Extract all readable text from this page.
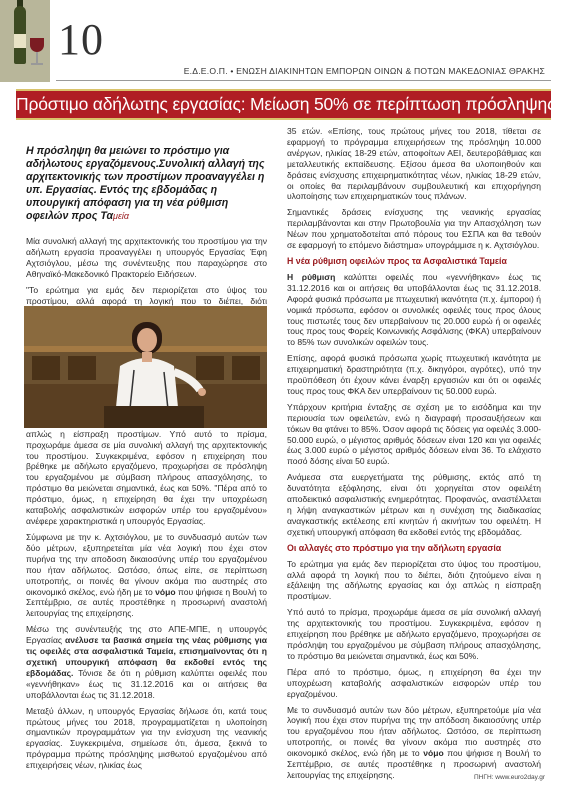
10
Ε.Δ.Ε.Ο.Π. • ΕΝΩΣΗ ΔΙΑΚΙΝΗΤΩΝ ΕΜΠΟΡΩΝ ΟΙΝΩΝ & ΠΟΤΩΝ ΜΑΚΕΔΟΝΙΑΣ ΘΡΑΚΗΣ
Πρόστιμο αδήλωτης εργασίας: Μείωση 50% σε περίπτωση πρόσληψης
Η πρόσληψη θα μειώνει το πρόστιμο για αδήλωτους εργαζόμενους.Συνολική αλλαγή της αρχιτεκτονικής των προστίμων προαναγγέλει η υπ. Εργασίας. Εντός της εβδομάδας η υπουργική απόφαση για τη νέα ρύθμιση οφειλών προς Ταμεία

Μία συνολική αλλαγή της αρχιτεκτονικής του προστίμου για την αδήλωτη εργασία προαναγγέλει η υπουργός Εργασίας Έφη Αχτσιόγλου, μέσω της συνέντευξης που παραχώρησε στο Αθηναϊκό-Μακεδονικό Πρακτορείο Ειδήσεων.

"Το ερώτημα για εμάς δεν περιορίζεται στο ύψος του προστίμου, αλλά αφορά τη λογική που το διέπει, διότι

απλώς η είσπραξη προστίμων. Υπό αυτό το πρίσμα, προχωράμε άμεσα σε μία συνολική αλλαγή της αρχιτεκτονικής του προστίμου. Συγκεκριμένα, εφόσον η επιχείρηση που βρέθηκε με αδήλωτο εργαζόμενο, προχωρήσει σε πρόσληψη του εργαζομένου με σύμβαση πλήρους απασχόλησης, το πρόστιμο θα μειώνεται σημαντικά, έως και 50%. "Πέρα από το πρόστιμο, όμως, η επιχείρηση θα έχει την υποχρέωση καταβολής ασφαλιστικών εισφορών υπέρ του εργαζομένου» ανέφερε χαρακτηριστικά η υπουργός Εργασίας.

Σύμφωνα με την κ. Αχτσιόγλου, με το συνδυασμό αυτών των δύο μέτρων, εξυπηρετείται μία νέα λογική που έχει στον πυρήνα της την αποδοση δικαιοσύνης υπέρ του εργαζομένου που ήταν αδήλωτος. Ωστόσο, όπως είπε, σε περίπτωση υποτροπής, οι ποινές θα γίνουν ακόμα πιο αυστηρές στο οικονομικό σκέλος, ενώ ήδη με το νόμο που ψήφισε η Βουλή το Σεπτέμβριο, σε αυτές προστέθηκε η προσωρινή αναστολή λειτουργίας της επιχείρησης.

Μέσω της συνέντευξής της στο ΑΠΕ-ΜΠΕ, η υπουργός Εργασίας ανέλυσε τα βασικά σημεία της νέας ρύθμισης για τις οφειλές στα ασφαλιστικά Ταμεία, επισημαίνοντας ότι η σχετική υπουργική απόφαση θα εκδοθεί εντός της εβδομάδας. Τόνισε δε ότι η ρύθμιση καλύπτει οφειλές που «γεννήθηκαν» έως τις 31.12.2016 και οι αιτήσεις θα υποβάλλονται έως τις 31.12.2018.

Μεταξύ άλλων, η υπουργός Εργασίας δήλωσε ότι, κατά τους πρώτους μήνες του 2018, προγραμματίζεται η υλοποίηση σημαντικών προγραμμάτων για την ενίσχυση της νεανικής εργασίας. Συγκεκριμένα, σημείωσε ότι, άμεσα, ξεκινά το πρόγραμμα πρώτης πρόσληψης μισθωτού εργαζομένου από επιχειρήσεις νέων, ηλικίας έως

35 ετών. «Επίσης, τους πρώτους μήνες του 2018, τίθεται σε εφαρμογή το πρόγραμμα επιχειρήσεων της πρόσληψη 10.000 ανέργων, ηλικίας 18-29 ετών, αποφοίτων ΑΕΙ, δευτεροβάθμιας και μεταλλευτικής εκπαίδευσης. Εξίσου άμεσα θα υλοποιηθούν και δράσεις ενίσχυσης επιχειρηματικότητας νέων, ηλικίας 18-29 ετών, οι οποίες θα περιλαμβάνουν συμβουλευτική και επιχορήγηση υλοποίησης των επιχειρηματικών τους πλάνων.

Σημαντικές δράσεις ενίσχυσης της νεανικής εργασίας περιλαμβάνονται και στην Πρωτοβουλία για την Απασχόληση των Νέων που χρηματοδοτείται από πόρους του ΕΣΠΑ και θα τεθούν σε εφαρμογή το επόμενο διάστημα» υπογράμμισε η κ. Αχτσιόγλου.

Η νέα ρύθμιση οφειλών προς τα Ασφαλιστικά Ταμεία

Η ρύθμιση καλύπτει οφειλές που «γεννήθηκαν» έως τις 31.12.2016 και οι αιτήσεις θα υποβάλλονται έως τις 31.12.2018. Αφορά φυσικά πρόσωπα με πτωχευτική ικανότητα (π.χ. έμποροι) ή νομικά πρόσωπα, εφόσον οι συνολικές οφειλές τους προς όλους τους πιστωτές τους δεν υπερβαίνουν τις 20.000 ευρώ ή οι οφειλές τους προς τους Φορείς Κοινωνικής Ασφάλισης (ΦΚΑ) υπερβαίνουν το 85% των συνολικών οφειλών τους.

Επίσης, αφορά φυσικά πρόσωπα χωρίς πτωχευτική ικανότητα με επιχειρηματική δραστηριότητα (π.χ. δικηγόροι, αγρότες), υπό την προϋπόθεση ότι έχουν κάνει έναρξη εργασιών και ότι οι οφειλές τους προς τους ΦΚΑ δεν υπερβαίνουν τις 50.000 ευρώ.

Υπάρχουν κριτήρια ένταξης σε σχέση με το εισόδημα και την περιουσία των οφειλετών, ενώ η διαγραφή προσαυξήσεων και τόκων θα φτάνει το 85%. Όσον αφορά τις δόσεις για οφειλές 3.000-50.000 ευρώ, ο μέγιστος αριθμός δόσεων είναι 120 και για οφειλές έως 3.000 ευρώ ο μέγιστος αριθμός δόσεων είναι 36. Το ελάχιστο ποσό δόσης είναι 50 ευρώ.

Ανάμεσα στα ευεργετήματα της ρύθμισης, εκτός από τη δυνατότητα εξόφλησης, είναι ότι χορηγείται στον οφειλέτη αποδεικτικό ασφαλιστικής ενημερότητας. Προφανώς, αναστέλλεται η λήψη αναγκαστικών μέτρων και η συνέχιση της διαδικασίας αναγκαστικής εκτέλεσης επί κινητών ή ακινήτων του οφειλέτη. Η σχετική υπουργική απόφαση θα εκδοθεί εντός της εβδομάδας.

Οι αλλαγές στο πρόστιμο για την αδήλωτη εργασία

Το ερώτημα για εμάς δεν περιορίζεται στο ύψος του προστίμου, αλλά αφορά τη λογική που το διέπει, διότι ζητούμενο είναι η εξάλειψη της αδήλωτης εργασίας και όχι απλώς η είσπραξη προστίμων.

Υπό αυτό το πρίσμα, προχωράμε άμεσα σε μία συνολική αλλαγή της αρχιτεκτονικής του προστίμου. Συγκεκριμένα, εφόσον η επιχείρηση που βρέθηκε με αδήλωτο εργαζόμενο, προχωρήσει σε πρόσληψη του εργαζομένου με σύμβαση πλήρους απασχόλησης, το πρόστιμο θα μειώνεται σημαντικά, έως και 50%.

Πέρα από το πρόστιμο, όμως, η επιχείρηση θα έχει την υποχρέωση καταβολής ασφαλιστικών εισφορών υπέρ του εργαζομένου.

Με το συνδυασμό αυτών των δύο μέτρων, εξυπηρετούμε μία νέα λογική που έχει στον πυρήνα της την απόδοση δικαιοσύνης υπέρ του εργαζομένου που ήταν αδήλωτος. Ωστόσο, σε περίπτωση υποτροπής, οι ποινές θα γίνουν ακόμα πιο αυστηρές στο οικονομικό σκέλος, ενώ ήδη με το νόμο που ψήφισε η Βουλή το Σεπτέμβριο, σε αυτές προστέθηκε η προσωρινή αναστολή λειτουργίας της επιχείρησης.	ΠΗΓΗ: www.euro2day.gr
